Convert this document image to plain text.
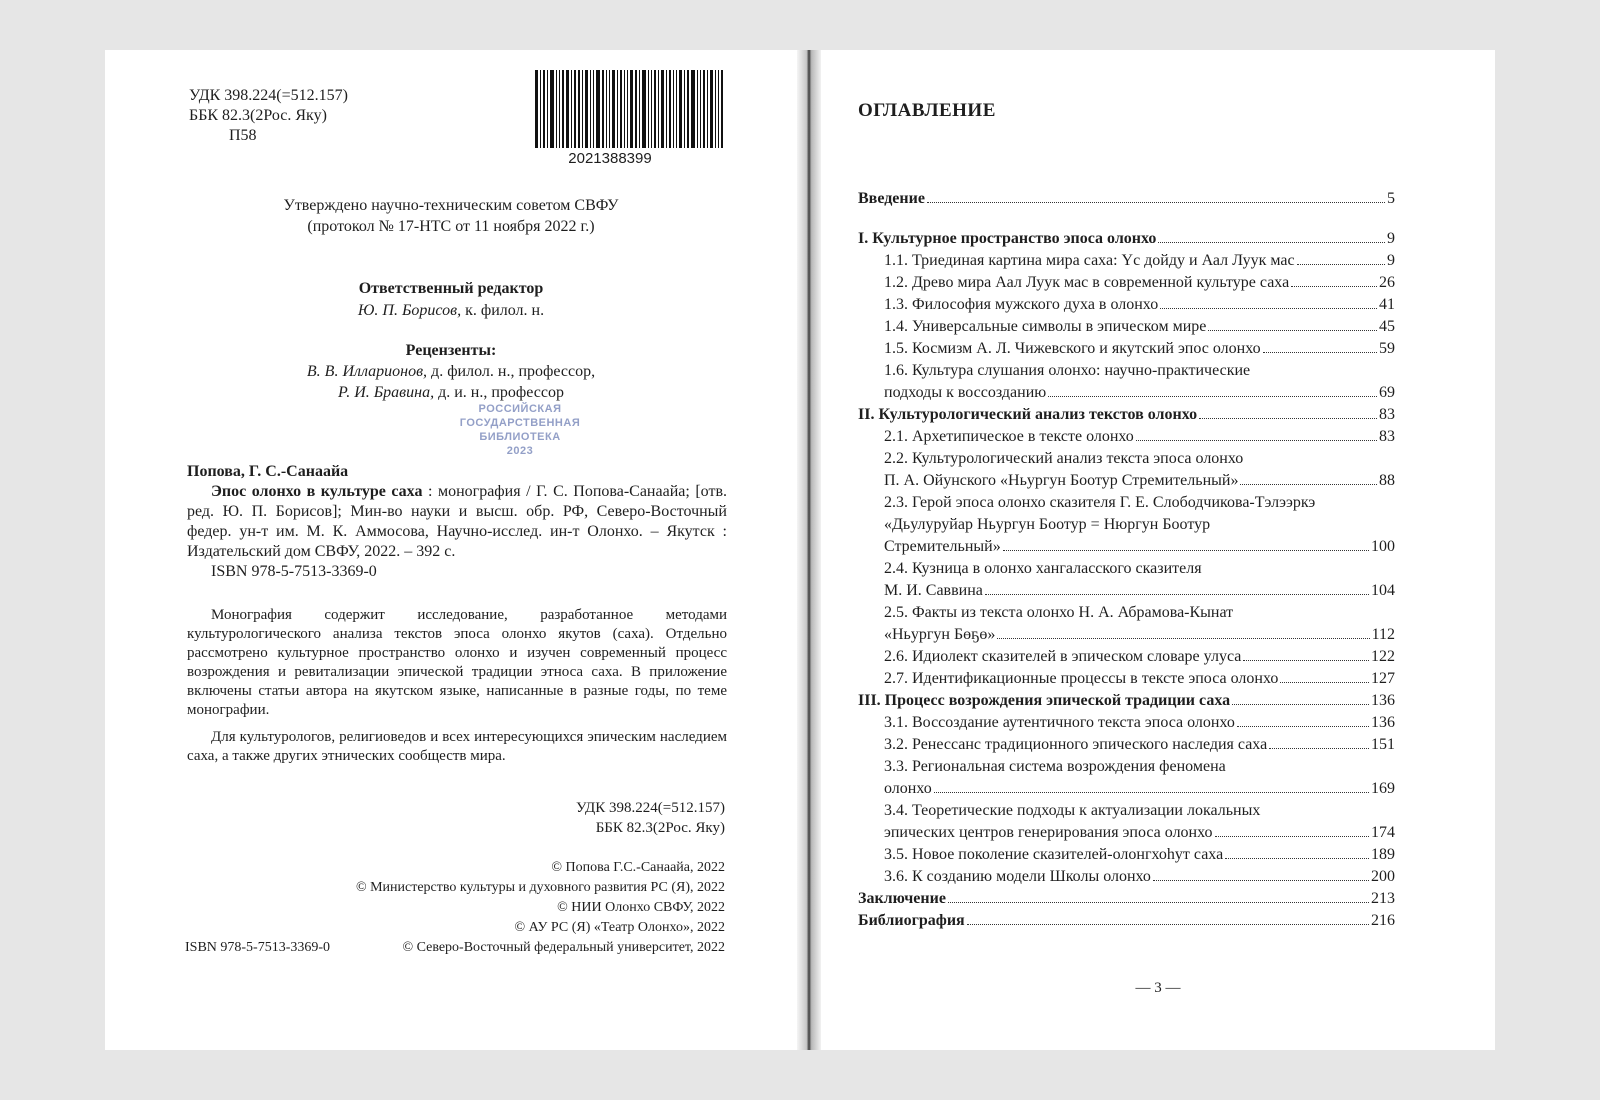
УДК 398.224(=512.157)
ББК 82.3(2Рос. Яку)
П58
2021388399
Утверждено научно-техническим советом СВФУ
(протокол № 17-НТС от 11 ноября 2022 г.)
Ответственный редактор
Ю. П. Борисов, к. филол. н.
Рецензенты:
В. В. Илларионов, д. филол. н., профессор,
Р. И. Бравина, д. и. н., профессор
РОССИЙСКАЯ
ГОСУДАРСТВЕННАЯ
БИБЛИОТЕКА
2023
Попова, Г. С.-Санаайа

Эпос олонхо в культуре саха : монография / Г. С. Попова-Санаайа; [отв. ред. Ю. П. Борисов]; Мин-во науки и высш. обр. РФ, Северо-Восточный федер. ун-т им. М. К. Аммосова, Научно-исслед. ин-т Олонхо. – Якутск : Издательский дом СВФУ, 2022. – 392 с.

ISBN 978-5-7513-3369-0

Монография содержит исследование, разработанное методами культурологического анализа текстов эпоса олонхо якутов (саха). Отдельно рассмотрено культурное пространство олонхо и изучен современный процесс возрождения и ревитализации эпической традиции этноса саха. В приложение включены статьи автора на якутском языке, написанные в разные годы, по теме монографии.

Для культурологов, религиоведов и всех интересующихся эпическим наследием саха, а также других этнических сообществ мира.

УДК 398.224(=512.157)
ББК 82.3(2Рос. Яку)
© Попова Г.С.-Санаайа, 2022
© Министерство культуры и духовного развития РС (Я), 2022
© НИИ Олонхо СВФУ, 2022
© АУ РС (Я) «Театр Олонхо», 2022
© Северо-Восточный федеральный университет, 2022
ISBN 978-5-7513-3369-0
ОГЛАВЛЕНИЕ
Введение	5
I. Культурное пространство эпоса олонхо	9
1.1. Триединая картина мира саха: Үс дойду и Аал Луук мас	9
1.2. Древо мира Аал Луук мас в современной культуре саха	26
1.3. Философия мужского духа в олонхо	41
1.4. Универсальные символы в эпическом мире	45
1.5. Космизм А. Л. Чижевского и якутский эпос олонхо	59
1.6. Культура слушания олонхо: научно-практические
подходы к воссозданию	69
II. Культурологический анализ текстов олонхо	83
2.1. Архетипическое в тексте олонхо	83
2.2. Культурологический анализ текста эпоса олонхо
П. А. Ойунского «Ньургун Боотур Стремительный»	88
2.3. Герой эпоса олонхо сказителя Г. Е. Слободчикова-Тэлээркэ
«Дьулуруйар Ньургун Боотур = Нюргун Боотур
Стремительный»	100
2.4. Кузница в олонхо хангаласского сказителя
М. И. Саввина	104
2.5. Факты из текста олонхо Н. А. Абрамова-Кынат
«Ньургун Бөҕө»	112
2.6. Идиолект сказителей в эпическом словаре улуса	122
2.7. Идентификационные процессы в тексте эпоса олонхо	127
III. Процесс возрождения эпической традиции саха	136
3.1. Воссоздание аутентичного текста эпоса олонхо	136
3.2. Ренессанс традиционного эпического наследия саха	151
3.3. Региональная система возрождения феномена
олонхо	169
3.4. Теоретические подходы к актуализации локальных
эпических центров генерирования эпоса олонхо	174
3.5. Новое поколение сказителей-олонгхоһут саха	189
3.6. К созданию модели Школы олонхо	200
Заключение	213
Библиография	216
— 3 —
